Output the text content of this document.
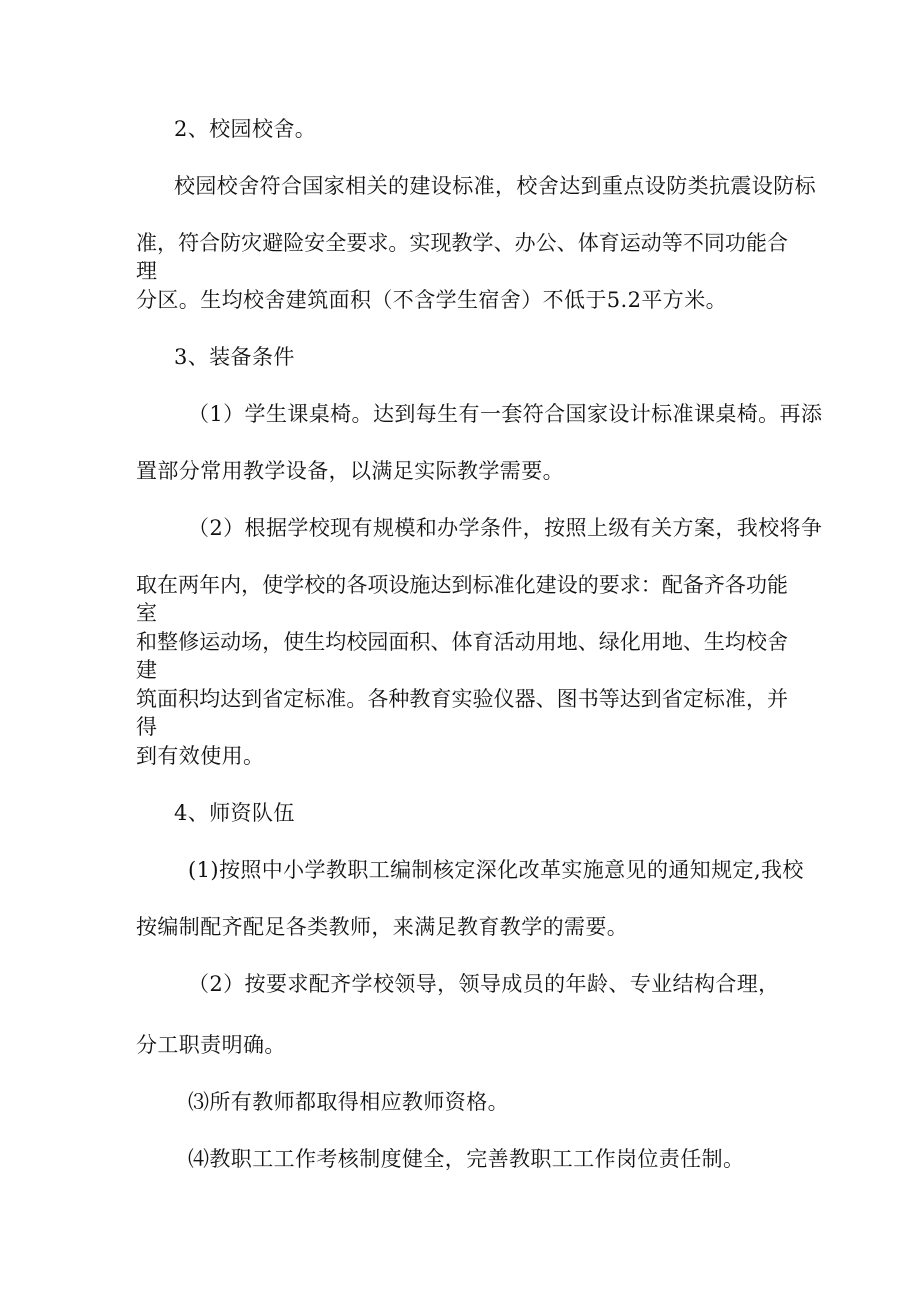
2、校园校舍。
校园校舍符合国家相关的建设标准，校舍达到重点设防类抗震设防标
准，符合防灾避险安全要求。实现教学、办公、体育运动等不同功能合理
分区。生均校舍建筑面积（不含学生宿舍）不低于5.2平方米。
3、装备条件
（1）学生课桌椅。达到每生有一套符合国家设计标准课桌椅。再添
置部分常用教学设备，以满足实际教学需要。
（2）根据学校现有规模和办学条件，按照上级有关方案，我校将争
取在两年内，使学校的各项设施达到标准化建设的要求：配备齐各功能室
和整修运动场，使生均校园面积、体育活动用地、绿化用地、生均校舍建
筑面积均达到省定标准。各种教育实验仪器、图书等达到省定标准，并得
到有效使用。
4、师资队伍
(1)按照中小学教职工编制核定深化改革实施意见的通知规定,我校
按编制配齐配足各类教师，来满足教育教学的需要。
（2）按要求配齐学校领导，领导成员的年龄、专业结构合理，
分工职责明确。
⑶所有教师都取得相应教师资格。
⑷教职工工作考核制度健全，完善教职工工作岗位责任制。
